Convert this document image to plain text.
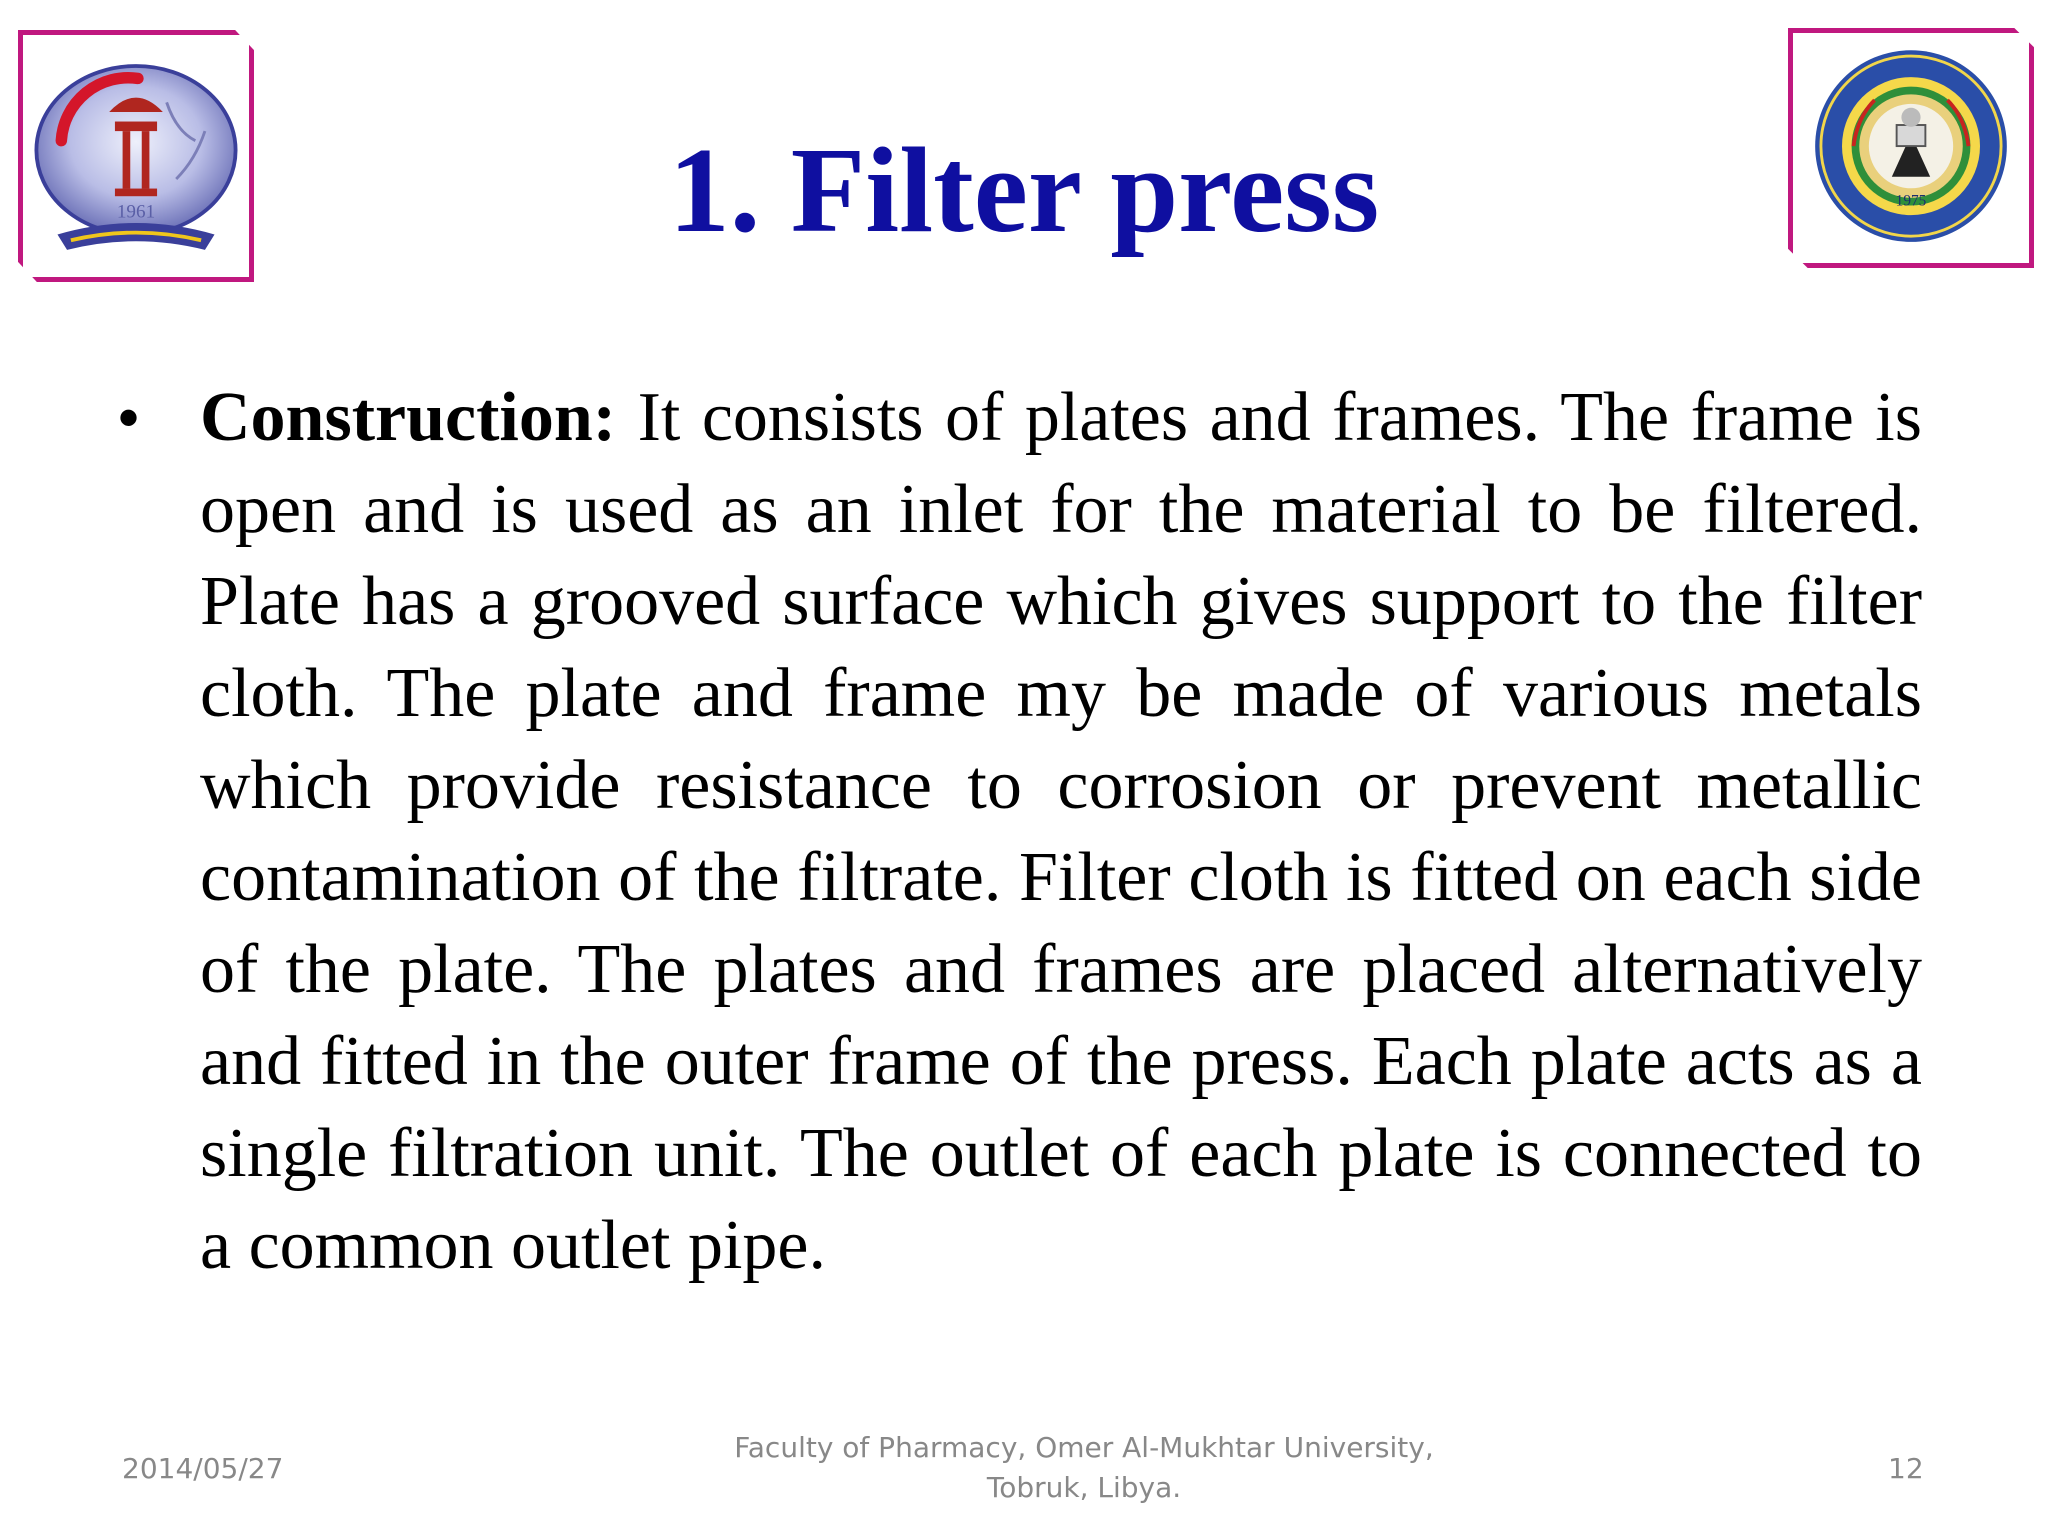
1961
1975
1. Filter press
• Construction: It consists of plates and frames. The frame is open and is used as an inlet for the material to be filtered. Plate has a grooved surface which gives support to the filter cloth. The plate and frame my be made of various metals which provide resistance to corrosion or prevent metallic contamination of the filtrate. Filter cloth is fitted on each side of the plate. The plates and frames are placed alternatively and fitted in the outer frame of the press. Each plate acts as a single filtration unit. The outlet of each plate is connected to a common outlet pipe.
2014/05/27
Faculty of Pharmacy, Omer Al-Mukhtar University,
Tobruk, Libya.
12
